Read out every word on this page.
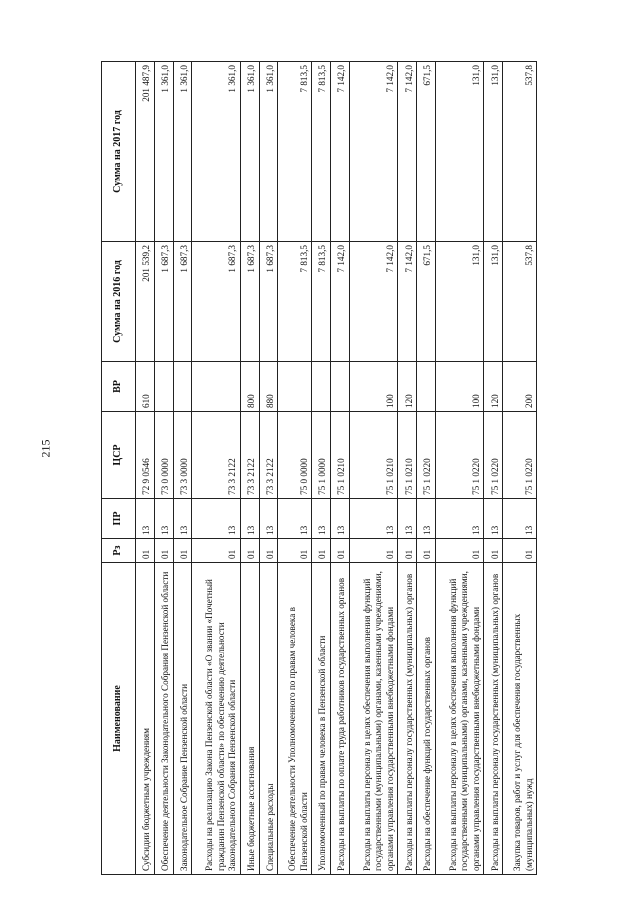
215
Наименование	Рз	ПР	ЦСР	ВР	Сумма на 2016 год	Сумма на 2017 год
Субсидии бюджетным учреждениям	01	13	72 9 0546	610	201 539,2	201 487,9
Обеспечение деятельности Законодательного Собрания Пензенской области	01	13	73 0 0000		1 687,3	1 361,0
Законодательное Собрание Пензенской области	01	13	73 3 0000		1 687,3	1 361,0
Расходы на реализацию Закона Пензенской области «О звании «Почетный гражданин Пензенской области» по обеспечению деятельности Законодательного Собрания Пензенской области	01	13	73 3 2122		1 687,3	1 361,0
Иные бюджетные ассигнования	01	13	73 3 2122	800	1 687,3	1 361,0
Специальные расходы	01	13	73 3 2122	880	1 687,3	1 361,0
Обеспечение деятельности Уполномоченного по правам человека в Пензенской области	01	13	75 0 0000		7 813,5	7 813,5
Уполномоченный по правам человека в Пензенской области	01	13	75 1 0000		7 813,5	7 813,5
Расходы на выплаты по оплате труда работников государственных органов	01	13	75 1 0210		7 142,0	7 142,0
Расходы на выплаты персоналу в целях обеспечения выполнения функций государственными (муниципальными) органами, казенными учреждениями, органами управления государственными внебюджетными фондами	01	13	75 1 0210	100	7 142,0	7 142,0
Расходы на выплаты персоналу государственных (муниципальных) органов	01	13	75 1 0210	120	7 142,0	7 142,0
Расходы на обеспечение функций государственных органов	01	13	75 1 0220		671,5	671,5
Расходы на выплаты персоналу в целях обеспечения выполнения функций государственными (муниципальными) органами, казенными учреждениями, органами управления государственными внебюджетными фондами	01	13	75 1 0220	100	131,0	131,0
Расходы на выплаты персоналу государственных (муниципальных) органов	01	13	75 1 0220	120	131,0	131,0
Закупка товаров, работ и услуг для обеспечения государственных (муниципальных) нужд	01	13	75 1 0220	200	537,8	537,8
